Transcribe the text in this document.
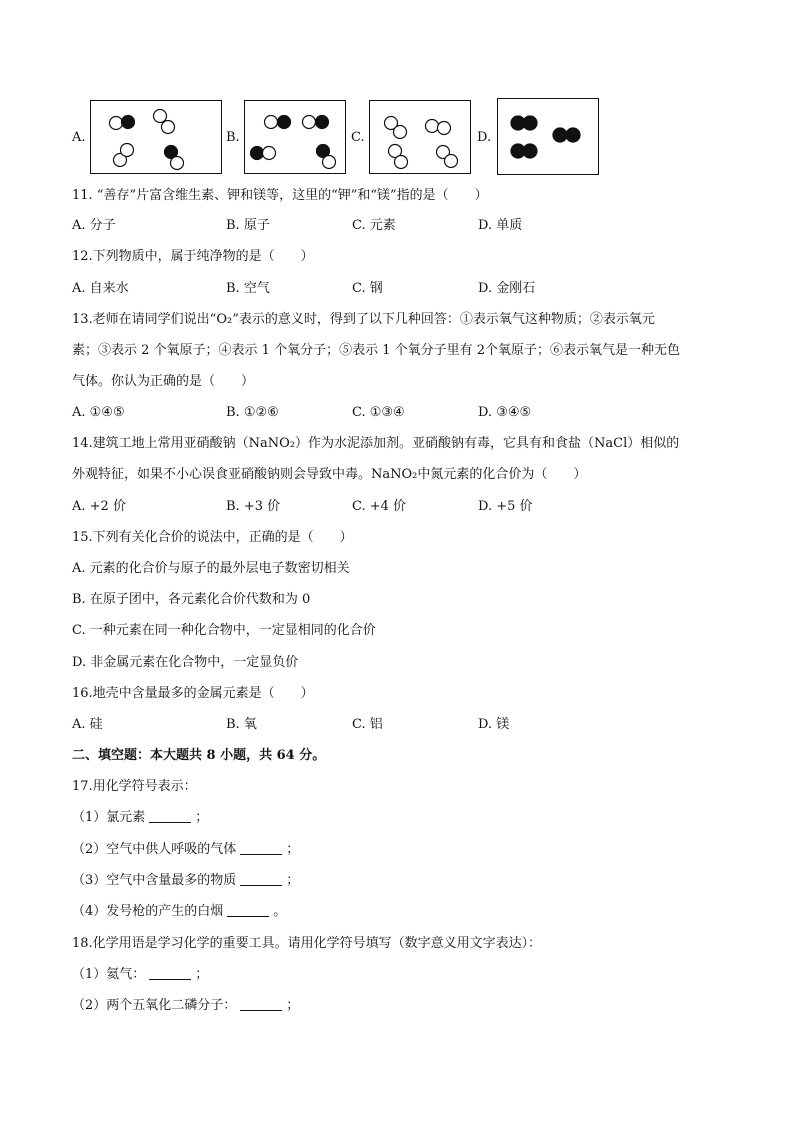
A.	B.	C.	D.
11. “善存”片富含维生素、钾和镁等，这里的“钾”和“镁”指的是（　　）
A. 分子	B. 原子	C. 元素	D. 单质
12.下列物质中，属于纯净物的是（　　）
A. 自来水	B. 空气	C. 钢	D. 金刚石
13.老师在请同学们说出“O₂”表示的意义时，得到了以下几种回答：①表示氧气这种物质；②表示氧元
素；③表示 2 个氧原子；④表示 1 个氧分子；⑤表示 1 个氧分子里有 2个氧原子；⑥表示氧气是一种无色
气体。你认为正确的是（　　）
A. ①④⑤	B. ①②⑥	C. ①③④	D. ③④⑤
14.建筑工地上常用亚硝酸钠（NaNO₂）作为水泥添加剂。亚硝酸钠有毒，它具有和食盐（NaCl）相似的
外观特征，如果不小心误食亚硝酸钠则会导致中毒。NaNO₂中氮元素的化合价为（　　）
A. +2 价	B. +3 价	C. +4 价	D. +5 价
15.下列有关化合价的说法中，正确的是（　　）
A. 元素的化合价与原子的最外层电子数密切相关
B. 在原子团中，各元素化合价代数和为 0
C. 一种元素在同一种化合物中，一定显相同的化合价
D. 非金属元素在化合物中，一定显负价
16.地壳中含量最多的金属元素是（　　）
A. 硅	B. 氧	C. 铝	D. 镁
二、填空题：本大题共 8 小题，共 64 分。
17.用化学符号表示：
（1）氯元素	；
（2）空气中供人呼吸的气体	；
（3）空气中含量最多的物质	；
（4）发号枪的产生的白烟	。
18.化学用语是学习化学的重要工具。请用化学符号填写（数字意义用文字表达）：
（1）氦气：	；
（2）两个五氧化二磷分子：	；
